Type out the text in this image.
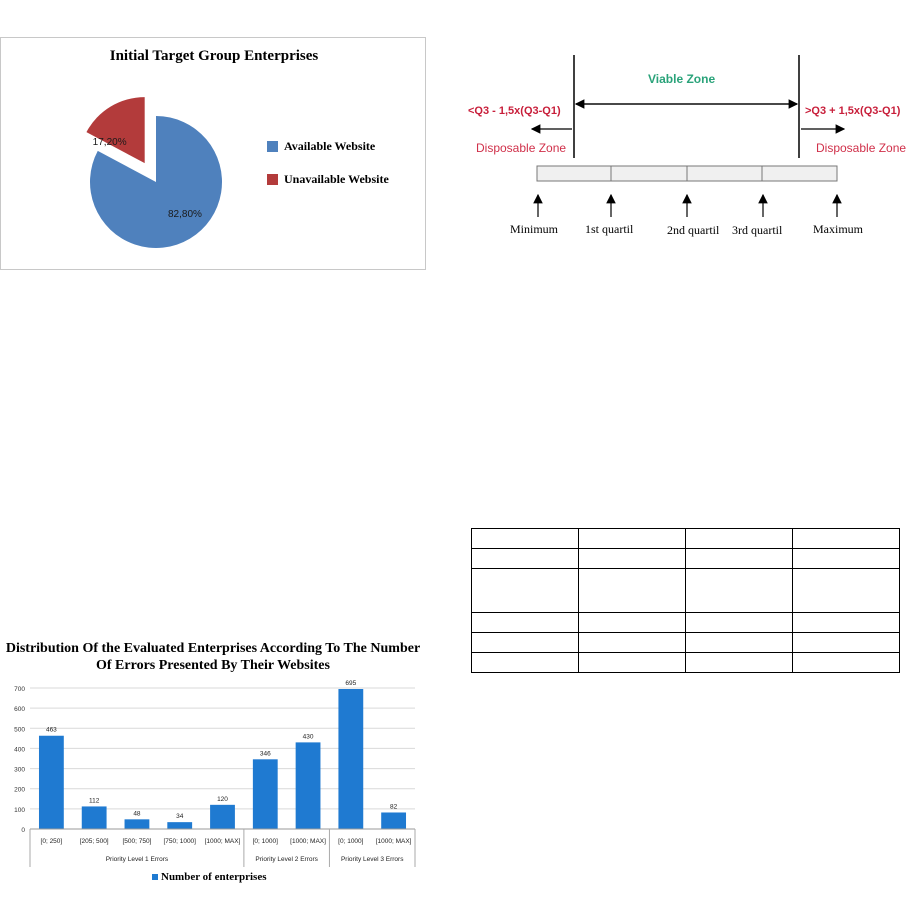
Initial Target Group Enterprises
82,80%
17,20%	Available Website
Unavailable Website
Viable Zone
<Q3 - 1,5x(Q3-Q1)	>Q3 + 1,5x(Q3-Q1)
Disposable Zone	Disposable Zone
Minimum 1st quartil	2nd quartil 3rd quartil	Maximum

Distribution Of the Evaluated Enterprises According To The Number Of Errors Presented By Their Websites
0
100
200
300
400
500
600
700
463
[0; 250]
112
[205; 500]
48
[500; 750]
34
[750; 1000]
120
[1000; MAX]
346
[0; 1000]
430
[1000; MAX]
695
[0; 1000]
82
[1000; MAX]
Priority Level 1 Errors	Priority Level 2 Errors	Priority Level 3 Errors
Number of enterprises
